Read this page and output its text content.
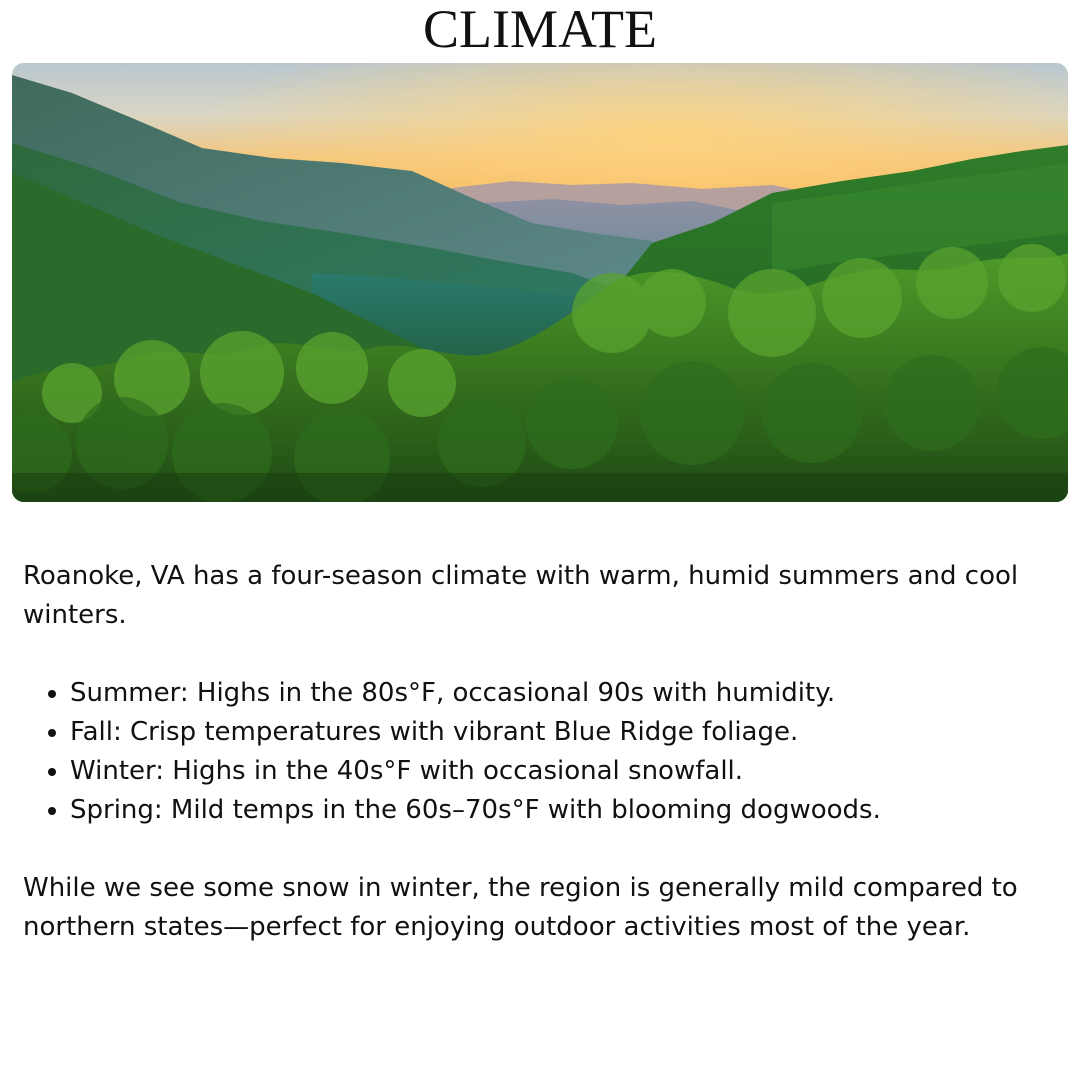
CLIMATE

Roanoke, VA has a four-season climate with warm, humid summers and cool winters.

• Summer: Highs in the 80s°F, occasional 90s with humidity.
• Fall: Crisp temperatures with vibrant Blue Ridge foliage.
• Winter: Highs in the 40s°F with occasional snowfall.
• Spring: Mild temps in the 60s–70s°F with blooming dogwoods.

While we see some snow in winter, the region is generally mild compared to northern states—perfect for enjoying outdoor activities most of the year.
